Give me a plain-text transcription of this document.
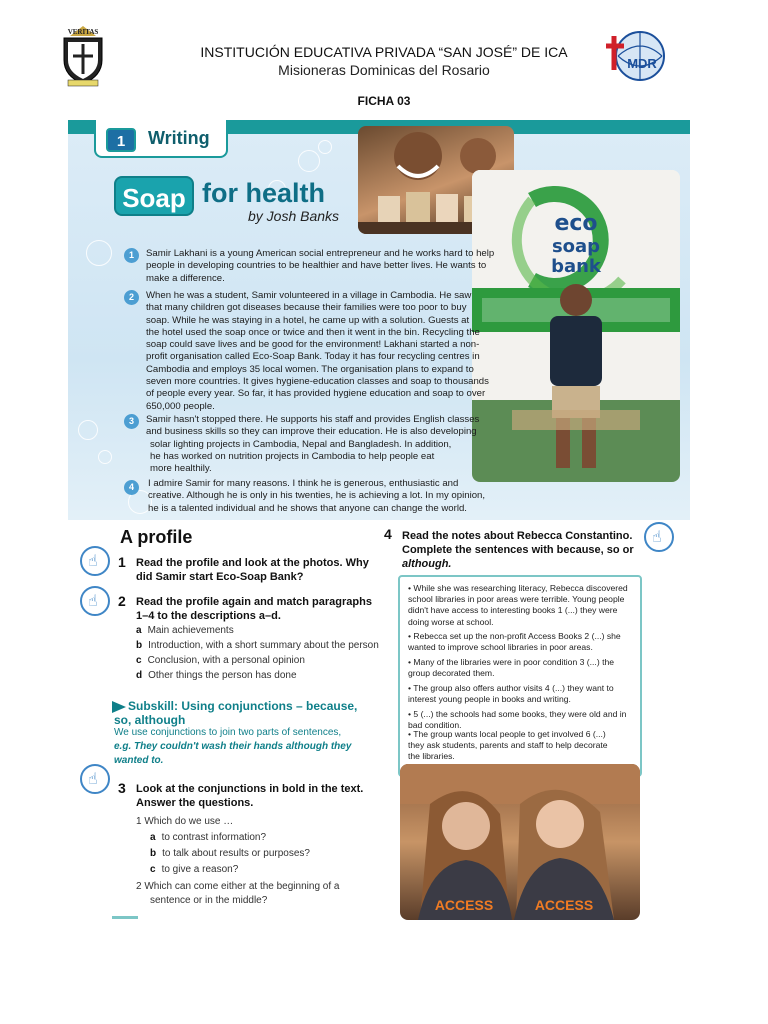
VERITAS
INSTITUCIÓN EDUCATIVA PRIVADA “SAN JOSÉ” DE ICA
Misioneras Dominicas del Rosario
FICHA 03
MDR
1	Writing
Soap for health
by Josh Banks	eco
soap
bank
1	Samir Lakhani is a young American social entrepreneur and he works hard to help
people in developing countries to be healthier and have better lives. He wants to
make a difference.
2	When he was a student, Samir volunteered in a village in Cambodia. He saw
that many children got diseases because their families were too poor to buy
soap. While he was staying in a hotel, he came up with a solution. Guests at
the hotel used the soap once or twice and then it went in the bin. Recycling the
soap could save lives and be good for the environment! Lakhani started a non-
profit organisation called Eco-Soap Bank. Today it has four recycling centres in
Cambodia and employs 35 local women. The organisation plans to expand to
seven more countries. It gives hygiene-education classes and soap to thousands
of people every year. So far, it has provided hygiene education and soap to over
650,000 people.
3	Samir hasn't stopped there. He supports his staff and provides English classes
and business skills so they can improve their education. He is also developing
solar lighting projects in Cambodia, Nepal and Bangladesh. In addition,
he has worked on nutrition projects in Cambodia to help people eat
more healthily.
4	I admire Samir for many reasons. I think he is generous, enthusiastic and
creative. Although he is only in his twenties, he is achieving a lot. In my opinion,
he is a talented individual and he shows that anyone can change the world.
A profile
☝ 1 Read the profile and look at the photos. Why
did Samir start Eco-Soap Bank?
☝ 2 Read the profile again and match paragraphs
1–4 to the descriptions a–d.
a Main achievements
b Introduction, with a short summary about the person
c Conclusion, with a personal opinion
d Other things the person has done
Subskill: Using conjunctions – because,
so, although
We use conjunctions to join two parts of sentences,
e.g. They couldn't wash their hands although they
wanted to.
☝ 3 Look at the conjunctions in bold in the text.
Answer the questions.
1 Which do we use …
a to contrast information?
b to talk about results or purposes?
c to give a reason?
2 Which can come either at the beginning of a
sentence or in the middle?
4 Read the notes about Rebecca Constantino.
Complete the sentences with because, so or
although.
☝
• While she was researching literacy, Rebecca discovered
school libraries in poor areas were terrible. Young people
didn't have access to interesting books 1 (...) they were
doing worse at school.
• Rebecca set up the non-profit Access Books 2 (...) she
wanted to improve school libraries in poor areas.
• Many of the libraries were in poor condition 3 (...) the
group decorated them.
• The group also offers author visits 4 (...) they want to
interest young people in books and writing.
• 5 (...) the schools had some books, they were old and in
bad condition.
• The group wants local people to get involved 6 (...)
they ask students, parents and staff to help decorate
the libraries.
ACCESS	ACCESS
